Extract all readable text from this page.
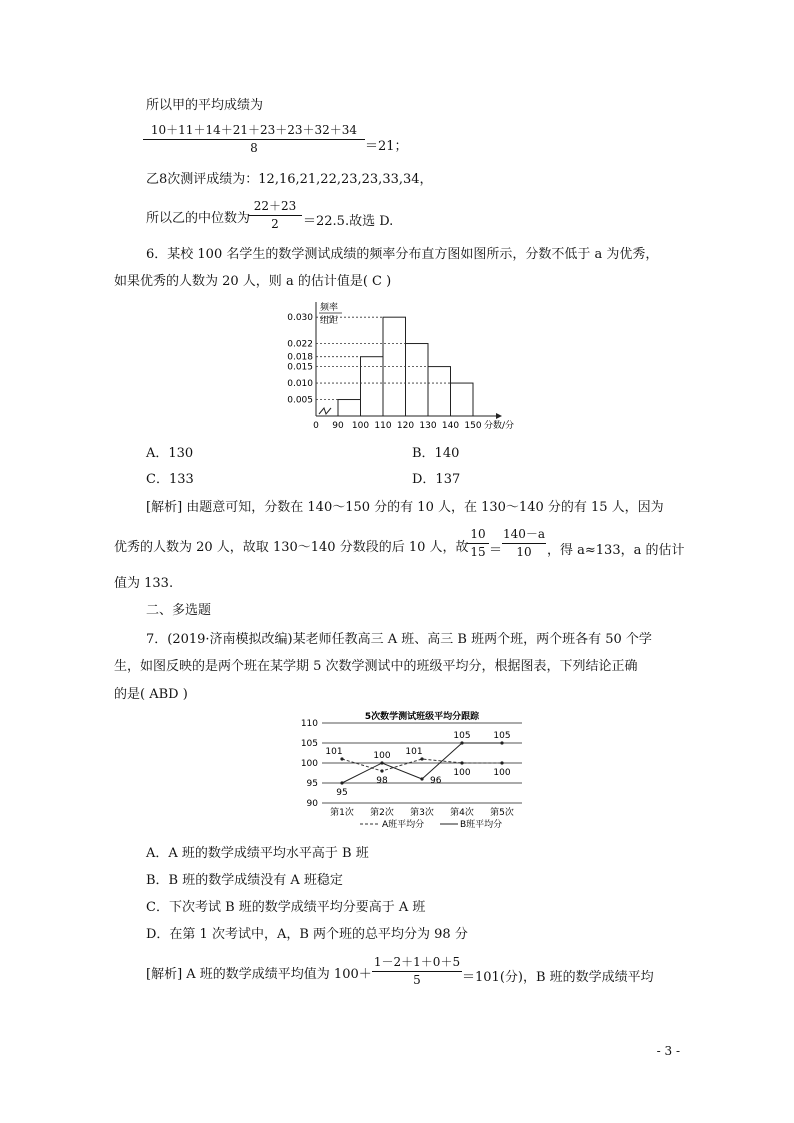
所以甲的平均成绩为
10＋11＋14＋21＋23＋23＋32＋34
8	＝21；
乙8次测评成绩为：12,16,21,22,23,23,33,34，
所以乙的中位数为
22＋23
2	＝22.5.故选 D.
6．某校 100 名学生的数学测试成绩的频率分布直方图如图所示，分数不低于 a 为优秀，
如果优秀的人数为 20 人，则 a 的估计值是( C )
频率
组距
0.005
0.010
0.015
0.018
0.022
0.030
0 90 100 110 120 130 140 150 分数/分
A．130	B．140
C．133	D．137
[解析] 由题意可知，分数在 140～150 分的有 10 人，在 130～140 分的有 15 人，因为
优秀的人数为 20 人，故取 130～140 分数段的后 10 人，故
10
15 ＝
140－a
10	，得 a≈133，a 的估计
值为 133.
二、多选题
7．(2019·济南模拟改编)某老师任教高三 A 班、高三 B 班两个班，两个班各有 50 个学
生，如图反映的是两个班在某学期 5 次数学测试中的班级平均分，根据图表，下列结论正确
的是( ABD )
90
95
100
105
110
5次数学测试班级平均分跟踪
第1次 第2次 第3次 第4次 第5次
101
98
101
100	100
95
100
105	105
96
A班平均分	B班平均分
A．A 班的数学成绩平均水平高于 B 班
B．B 班的数学成绩没有 A 班稳定
C．下次考试 B 班的数学成绩平均分要高于 A 班
D．在第 1 次考试中，A，B 两个班的总平均分为 98 分
[解析] A 班的数学成绩平均值为 100＋
1－2＋1＋0＋5
5	＝101(分)，B 班的数学成绩平均
- 3 -
